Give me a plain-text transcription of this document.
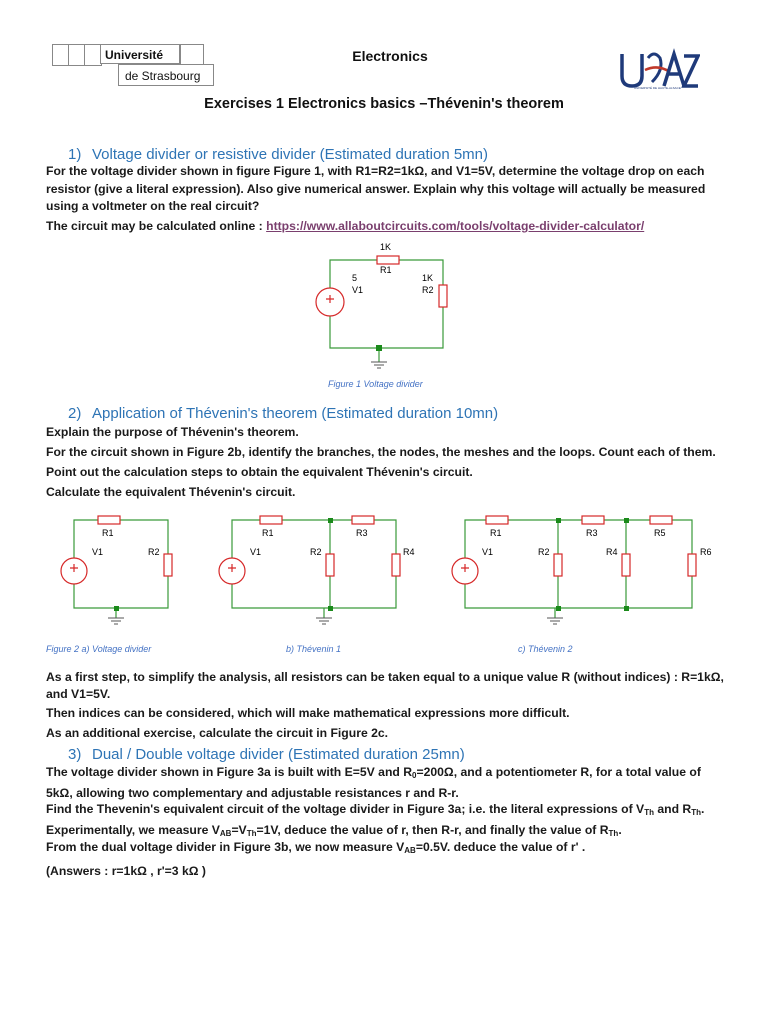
Université
de Strasbourg
Electronics
UNIVERSITÉ DE HAUTE-ALSACE
Exercises 1 Electronics basics –Thévenin's theorem
1) Voltage divider or resistive divider (Estimated duration 5mn)
For the voltage divider shown in figure Figure 1, with R1=R2=1kΩ, and V1=5V, determine the voltage drop on each
resistor (give a literal expression). Also give numerical answer. Explain why this voltage will actually be measured
using a voltmeter on the real circuit?
The circuit may be calculated online : https://www.allaboutcircuits.com/tools/voltage-divider-calculator/
1K
R1
1K
R2
5
V1
Figure 1 Voltage divider
2) Application of Thévenin's theorem (Estimated duration 10mn)
Explain the purpose of Thévenin's theorem.
For the circuit shown in Figure 2b, identify the branches, the nodes, the meshes and the loops. Count each of them.
Point out the calculation steps to obtain the equivalent Thévenin's circuit.
Calculate the equivalent Thévenin's circuit.
R1
R2
V1
R1	R3
R2	R4
V1
R1	R3	R5
R2	R4	R6
V1
Figure 2 a) Voltage divider	b) Thévenin 1	c) Thévenin 2
As a first step, to simplify the analysis, all resistors can be taken equal to a unique value R (without indices) : R=1kΩ,
and V1=5V.
Then indices can be considered, which will make mathematical expressions more difficult.
As an additional exercise, calculate the circuit in Figure 2c.
3) Dual / Double voltage divider (Estimated duration 25mn)
The voltage divider shown in Figure 3a is built with E=5V and $R_0=200\Omega$, and a potentiometer R, for a total value of
5kΩ, allowing two complementary and adjustable resistances r and R-r.
Find the Thevenin's equivalent circuit of the voltage divider in Figure 3a; i.e. the literal expressions of $V_{Th}$ and $R_{Th}$.
Experimentally, we measure $V_{AB}=V_{Th}=1V$, deduce the value of r, then R-r, and finally the value of $R_{Th}$.
From the dual voltage divider in Figure 3b, we now measure $V_{AB}=0.5V$. deduce the value of r' .
(Answers : r=1kΩ , r'=3 kΩ )
